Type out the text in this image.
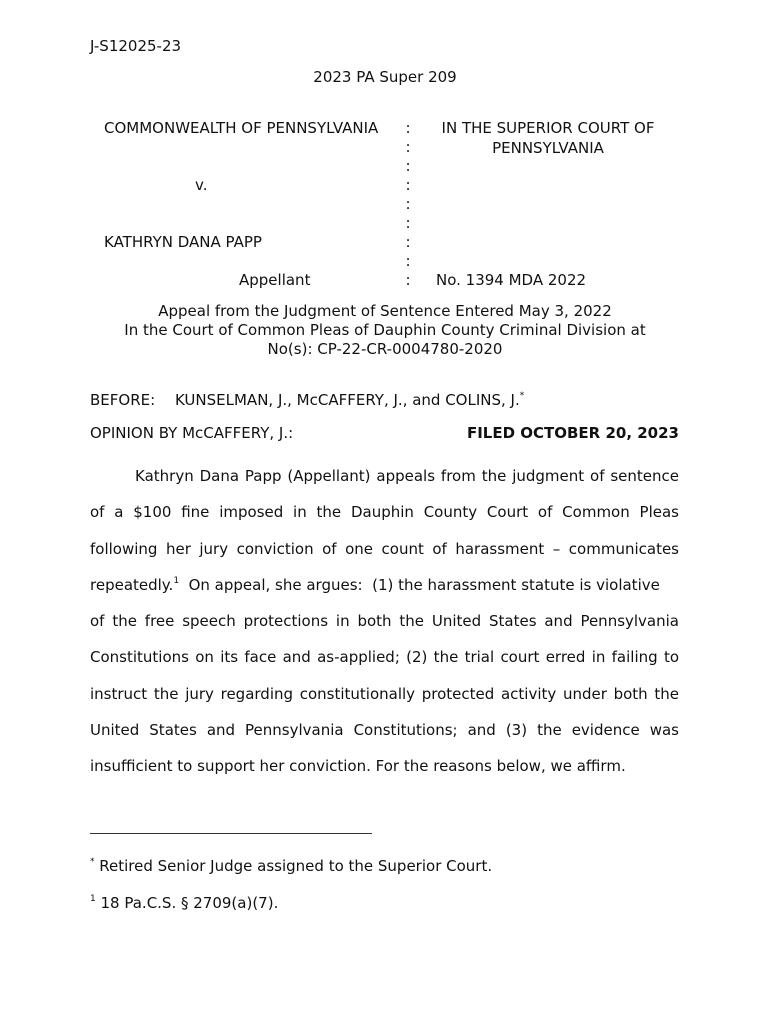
J-S12025-23
2023 PA Super 209
COMMONWEALTH OF PENNSYLVANIA
v.
KATHRYN DANA PAPP
Appellant
:
:
:
:
:
:
:
:
:
IN THE SUPERIOR COURT OF
PENNSYLVANIA
No. 1394 MDA 2022
Appeal from the Judgment of Sentence Entered May 3, 2022
In the Court of Common Pleas of Dauphin County Criminal Division at
No(s): CP-22-CR-0004780-2020
BEFORE: KUNSELMAN, J., McCAFFERY, J., and COLINS, J.*
OPINION BY McCAFFERY, J.:	FILED OCTOBER 20, 2023
Kathryn Dana Papp (Appellant) appeals from the judgment of sentence
of a $100 fine imposed in the Dauphin County Court of Common Pleas
following her jury conviction of one count of harassment – communicates
repeatedly.$^1$  On appeal, she argues:  (1) the harassment statute is violative
of the free speech protections in both the United States and Pennsylvania
Constitutions on its face and as-applied; (2) the trial court erred in failing to
instruct the jury regarding constitutionally protected activity under both the
United States and Pennsylvania Constitutions; and (3) the evidence was
insufficient to support her conviction. For the reasons below, we affirm.
* Retired Senior Judge assigned to the Superior Court.
$^1$ 18 Pa.C.S. § 2709(a)(7).
